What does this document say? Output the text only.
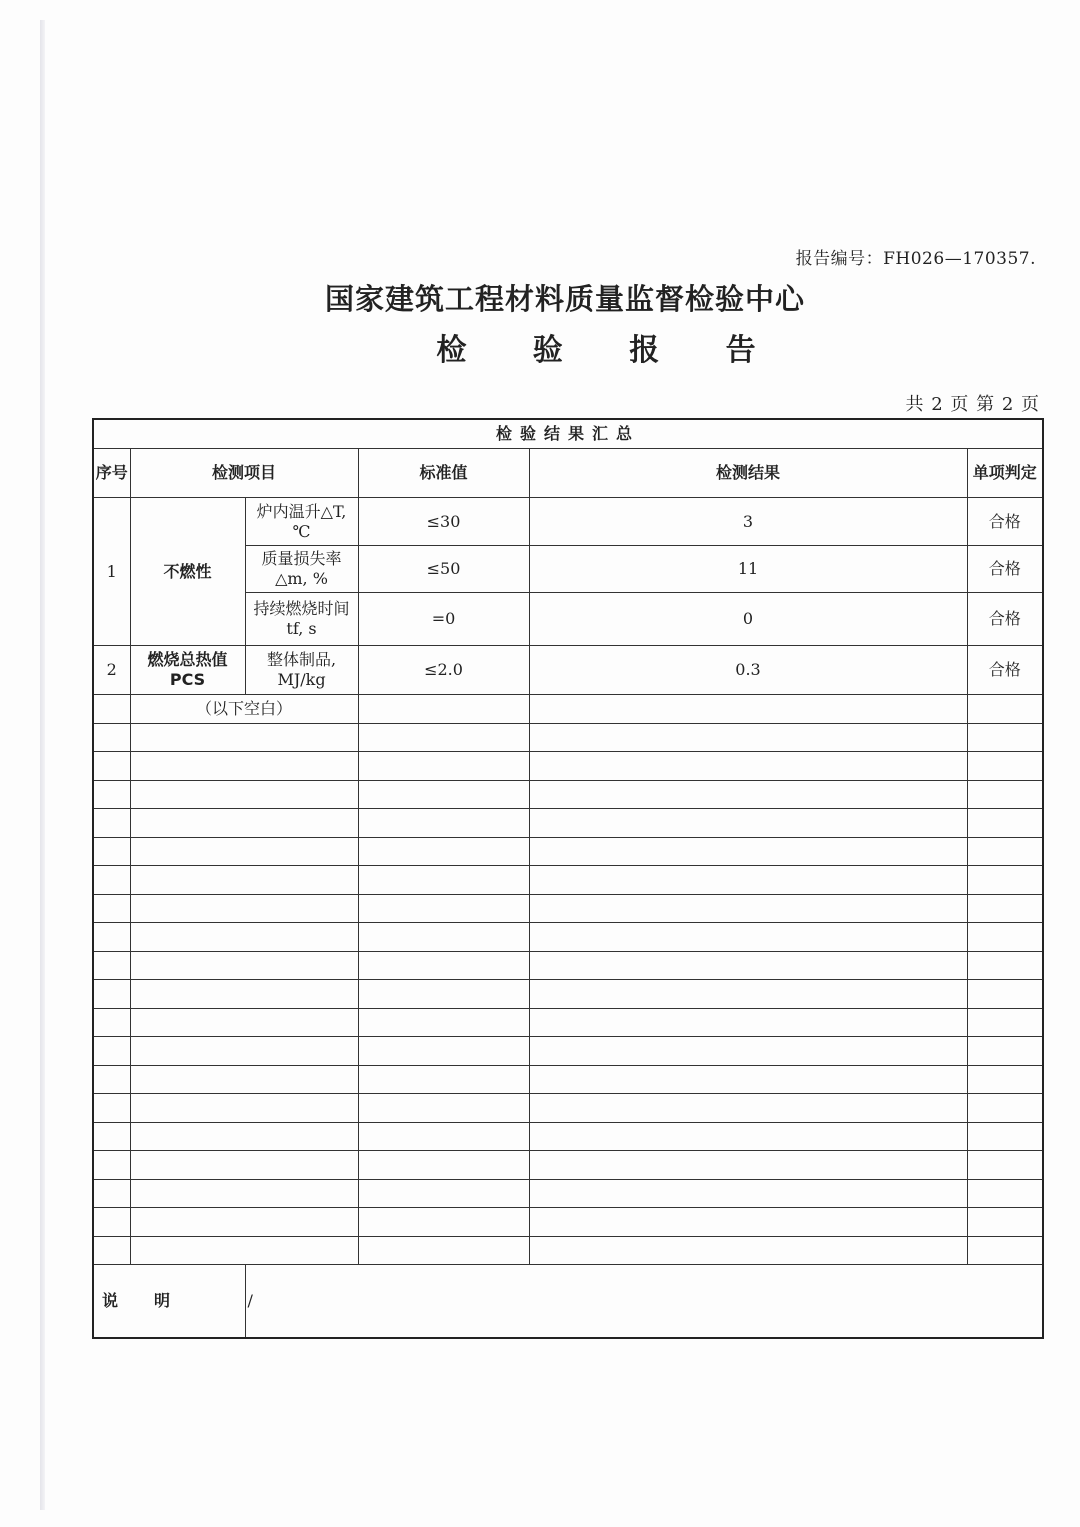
报告编号：FH026—170357.
国家建筑工程材料质量监督检验中心
检 验 报 告
共 2 页 第 2 页
检验结果汇总					
序号	检测项目		标准值	检测结果	单项判定
1	不燃性	炉内温升△T, ℃	≤30	3	合格
		质量损失率 △m, %	≤50	11	合格
		持续燃烧时间tf, s	=0	0	合格
2	燃烧总热值PCS	整体制品, MJ/kg	≤2.0	0.3	合格
	（以下空白）				

说明		/			
